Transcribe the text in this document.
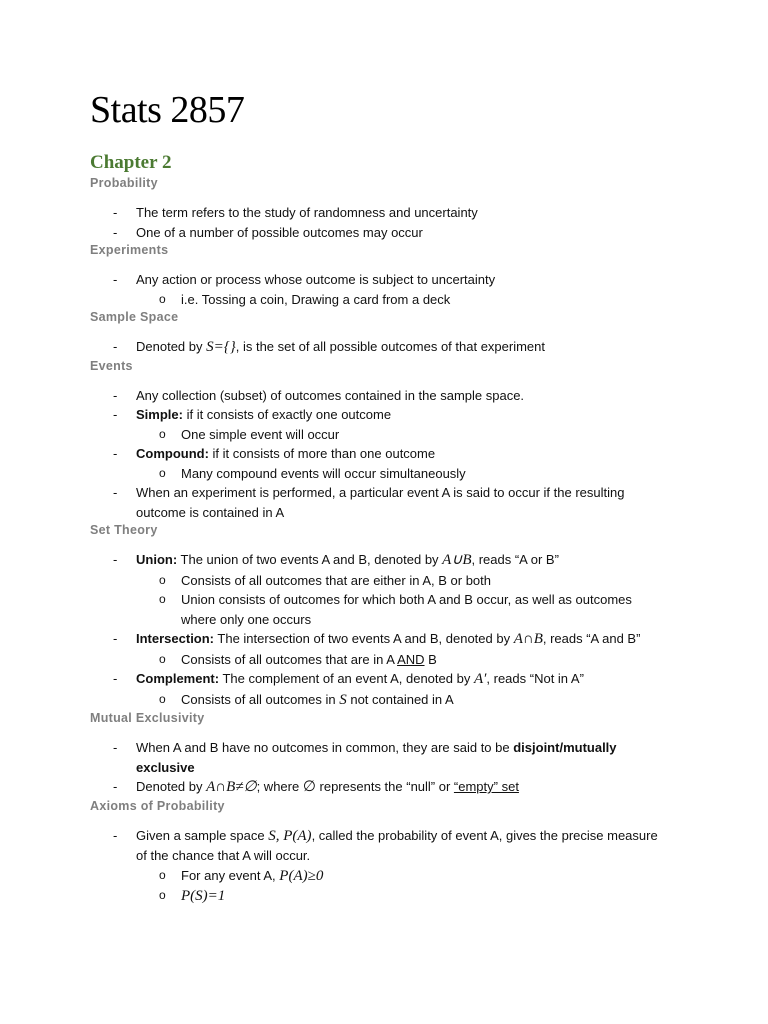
Stats 2857
Chapter 2
Probability
- The term refers to the study of randomness and uncertainty
- One of a number of possible outcomes may occur
Experiments
- Any action or process whose outcome is subject to uncertainty
o i.e. Tossing a coin, Drawing a card from a deck
Sample Space
- Denoted by S={}, is the set of all possible outcomes of that experiment
Events
- Any collection (subset) of outcomes contained in the sample space.
- Simple: if it consists of exactly one outcome
o One simple event will occur
- Compound: if it consists of more than one outcome
o Many compound events will occur simultaneously
- When an experiment is performed, a particular event A is said to occur if the resulting outcome is contained in A
Set Theory
- Union: The union of two events A and B, denoted by A∪B, reads “A or B”
o Consists of all outcomes that are either in A, B or both
o Union consists of outcomes for which both A and B occur, as well as outcomes where only one occurs
- Intersection: The intersection of two events A and B, denoted by A∩B, reads “A and B”
o Consists of all outcomes that are in A AND B
- Complement: The complement of an event A, denoted by A′, reads “Not in A”
o Consists of all outcomes in S not contained in A
Mutual Exclusivity
- When A and B have no outcomes in common, they are said to be disjoint/mutually exclusive
- Denoted by A∩B≠∅; where ∅ represents the “null” or “empty” set
Axioms of Probability
- Given a sample space S, P(A), called the probability of event A, gives the precise measure of the chance that A will occur.
o For any event A, P(A)≥0
o P(S)=1
